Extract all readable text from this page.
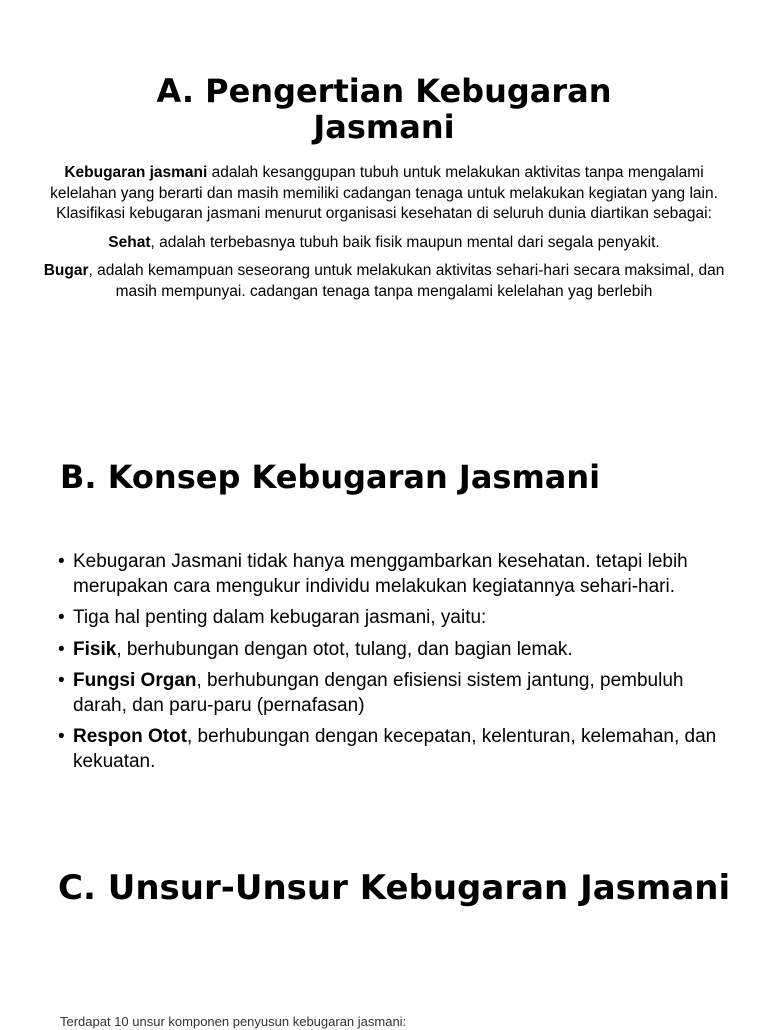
A. Pengertian Kebugaran Jasmani

Kebugaran jasmani adalah kesanggupan tubuh untuk melakukan aktivitas tanpa mengalami kelelahan yang berarti dan masih memiliki cadangan tenaga untuk melakukan kegiatan yang lain.

Klasifikasi kebugaran jasmani menurut organisasi kesehatan di seluruh dunia diartikan sebagai:

Sehat, adalah terbebasnya tubuh baik fisik maupun mental dari segala penyakit.

Bugar, adalah kemampuan seseorang untuk melakukan aktivitas sehari-hari secara maksimal, dan masih mempunyai. cadangan tenaga tanpa mengalami kelelahan yag berlebih

B. Konsep Kebugaran Jasmani
• Kebugaran Jasmani tidak hanya menggambarkan kesehatan. tetapi lebih merupakan cara mengukur individu melakukan kegiatannya sehari-hari.
• Tiga hal penting dalam kebugaran jasmani, yaitu:
• Fisik, berhubungan dengan otot, tulang, dan bagian lemak.
• Fungsi Organ, berhubungan dengan efisiensi sistem jantung, pembuluh darah, dan paru-paru (pernafasan)
• Respon Otot, berhubungan dengan kecepatan, kelenturan, kelemahan, dan kekuatan.
C. Unsur-Unsur Kebugaran Jasmani
Terdapat 10 unsur komponen penyusun kebugaran jasmani:
